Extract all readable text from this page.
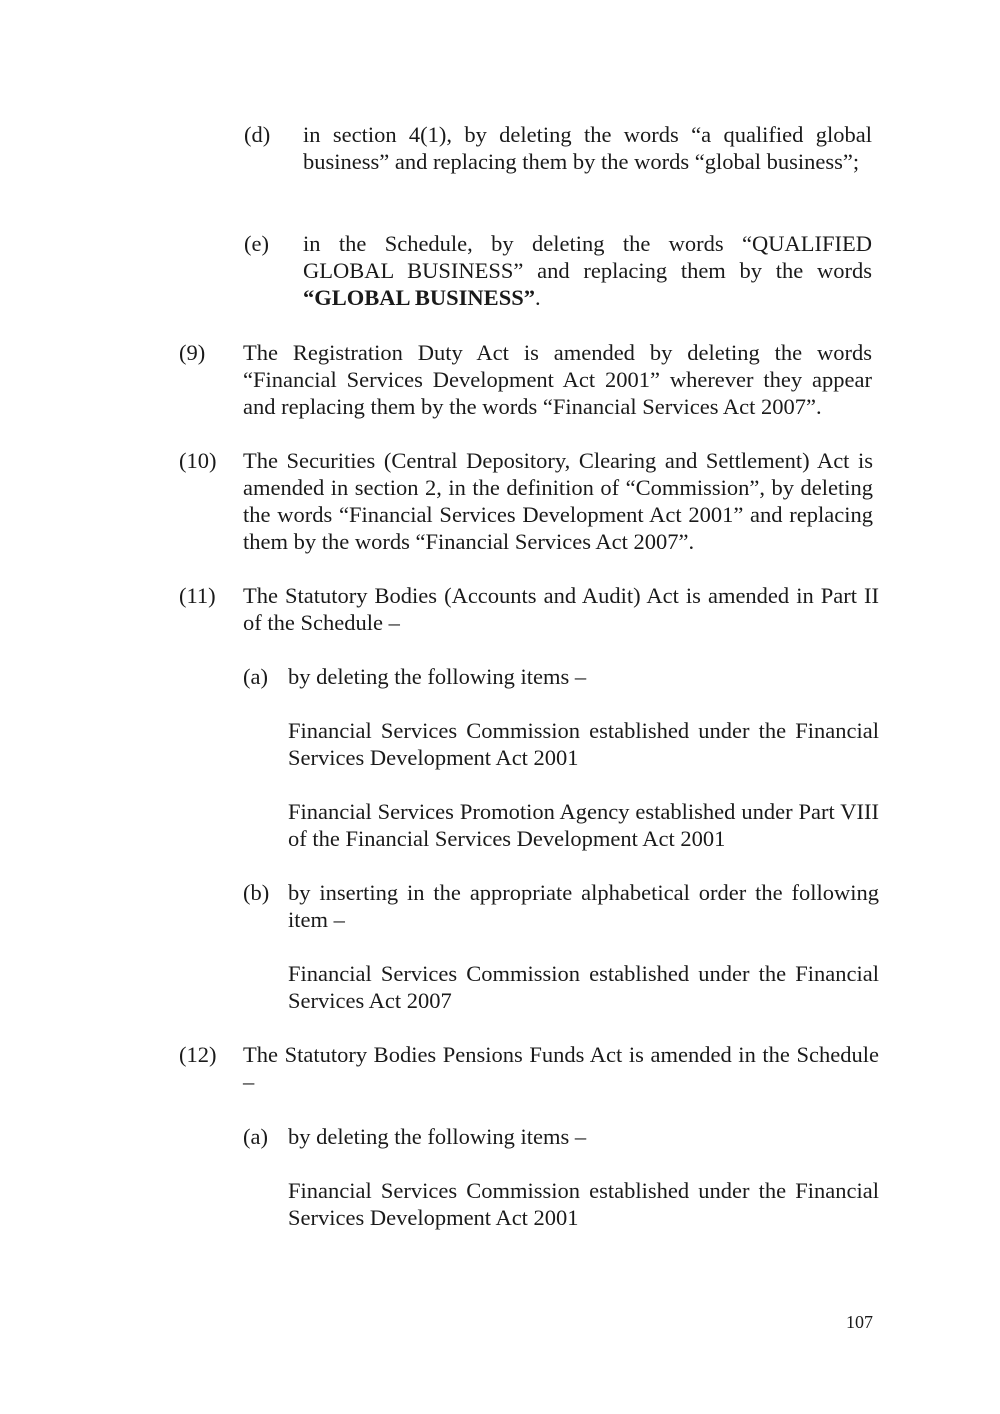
(d) in section 4(1), by deleting the words “a qualified global business” and replacing them by the words “global business”;

(e) in the Schedule, by deleting the words “QUALIFIED GLOBAL BUSINESS” and replacing them by the words “GLOBAL BUSINESS”.

(9) The Registration Duty Act is amended by deleting the words “Financial Services Development Act 2001” wherever they appear and replacing them by the words “Financial Services Act 2007”.

(10) The Securities (Central Depository, Clearing and Settlement) Act is amended in section 2, in the definition of “Commission”, by deleting the words “Financial Services Development Act 2001” and replacing them by the words “Financial Services Act 2007”.

(11) The Statutory Bodies (Accounts and Audit) Act is amended in Part II of the Schedule –

(a) by deleting the following items –

Financial Services Commission established under the Financial Services Development Act 2001

Financial Services Promotion Agency established under Part VIII of the Financial Services Development Act 2001

(b) by inserting in the appropriate alphabetical order the following item –

Financial Services Commission established under the Financial Services Act 2007

(12) The Statutory Bodies Pensions Funds Act is amended in the Schedule –

(a) by deleting the following items –

Financial Services Commission established under the Financial Services Development Act 2001

107
